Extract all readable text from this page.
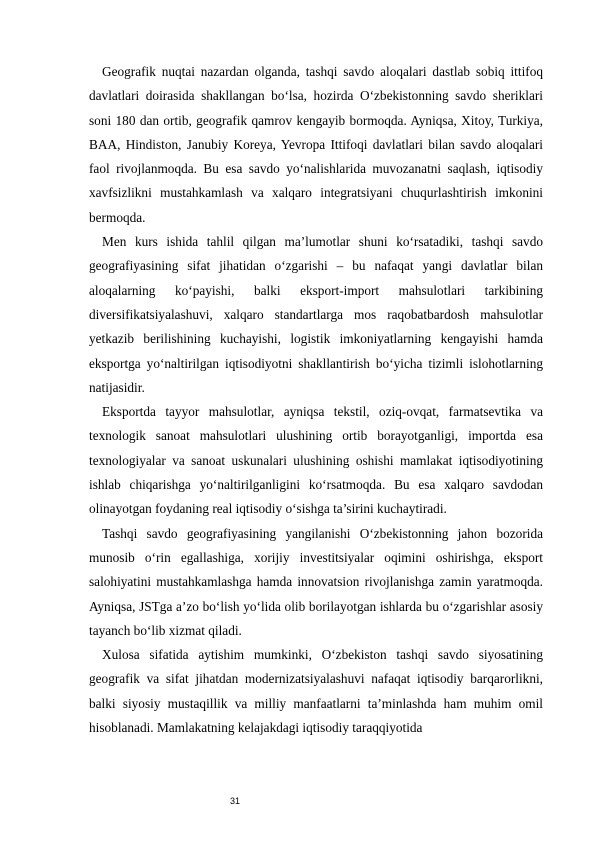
Geografik nuqtai nazardan olganda, tashqi savdo aloqalari dastlab sobiq ittifoq davlatlari doirasida shakllangan bo‘lsa, hozirda O‘zbekistonning savdo sheriklari soni 180 dan ortib, geografik qamrov kengayib bormoqda. Ayniqsa, Xitoy, Turkiya, BAA, Hindiston, Janubiy Koreya, Yevropa Ittifoqi davlatlari bilan savdo aloqalari faol rivojlanmoqda. Bu esa savdo yo‘nalishlarida muvozanatni saqlash, iqtisodiy xavfsizlikni mustahkamlash va xalqaro integratsiyani chuqurlashtirish imkonini bermoqda.

Men kurs ishida tahlil qilgan ma’lumotlar shuni ko‘rsatadiki, tashqi savdo geografiyasining sifat jihatidan o‘zgarishi – bu nafaqat yangi davlatlar bilan aloqalarning ko‘payishi, balki eksport-import mahsulotlari tarkibining diversifikatsiyalashuvi, xalqaro standartlarga mos raqobatbardosh mahsulotlar yetkazib berilishining kuchayishi, logistik imkoniyatlarning kengayishi hamda eksportga yo‘naltirilgan iqtisodiyotni shakllantirish bo‘yicha tizimli islohotlarning natijasidir.

Eksportda tayyor mahsulotlar, ayniqsa tekstil, oziq-ovqat, farmatsevtika va texnologik sanoat mahsulotlari ulushining ortib borayotganligi, importda esa texnologiyalar va sanoat uskunalari ulushining oshishi mamlakat iqtisodiyotining ishlab chiqarishga yo‘naltirilganligini ko‘rsatmoqda. Bu esa xalqaro savdodan olinayotgan foydaning real iqtisodiy o‘sishga ta’sirini kuchaytiradi.

Tashqi savdo geografiyasining yangilanishi O‘zbekistonning jahon bozorida munosib o‘rin egallashiga, xorijiy investitsiyalar oqimini oshirishga, eksport salohiyatini mustahkamlashga hamda innovatsion rivojlanishga zamin yaratmoqda. Ayniqsa, JSTga a’zo bo‘lish yo‘lida olib borilayotgan ishlarda bu o‘zgarishlar asosiy tayanch bo‘lib xizmat qiladi.

Xulosa sifatida aytishim mumkinki, O‘zbekiston tashqi savdo siyosatining geografik va sifat jihatdan modernizatsiyalashuvi nafaqat iqtisodiy barqarorlikni, balki siyosiy mustaqillik va milliy manfaatlarni ta’minlashda ham muhim omil hisoblanadi. Mamlakatning kelajakdagi iqtisodiy taraqqiyotida

31
